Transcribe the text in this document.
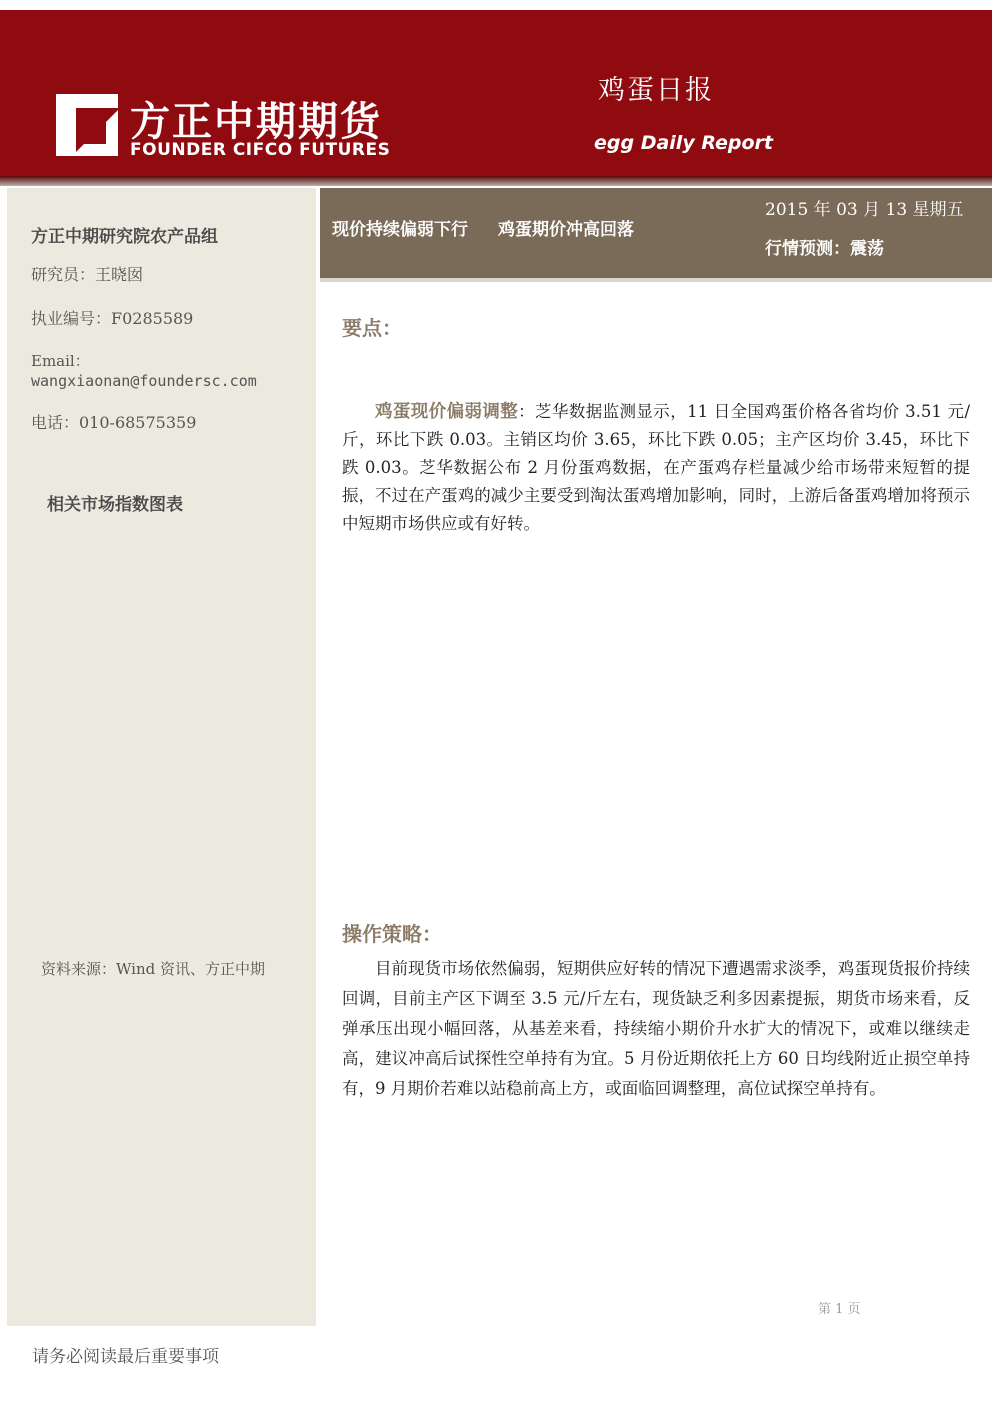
方正中期期货
FOUNDER CIFCO FUTURES
鸡蛋日报
egg Daily Report
方正中期研究院农产品组
研究员：王晓囡
执业编号：F0285589
Email：
wangxiaonan@foundersc.com
电话：010-68575359
相关市场指数图表
资料来源：Wind 资讯、方正中期
现价持续偏弱下行 鸡蛋期价冲高回落
2015 年 03 月 13 星期五
行情预测：震荡
要点：
鸡蛋现价偏弱调整：芝华数据监测显示，11 日全国鸡蛋价格各省均价 3.51 元/斤，环比下跌 0.03。主销区均价 3.65，环比下跌 0.05；主产区均价 3.45，环比下跌 0.03。芝华数据公布 2 月份蛋鸡数据，在产蛋鸡存栏量减少给市场带来短暂的提振，不过在产蛋鸡的减少主要受到淘汰蛋鸡增加影响，同时，上游后备蛋鸡增加将预示中短期市场供应或有好转。
操作策略：
目前现货市场依然偏弱，短期供应好转的情况下遭遇需求淡季，鸡蛋现货报价持续回调，目前主产区下调至 3.5 元/斤左右，现货缺乏利多因素提振，期货市场来看，反弹承压出现小幅回落，从基差来看，持续缩小期价升水扩大的情况下，或难以继续走高，建议冲高后试探性空单持有为宜。5 月份近期依托上方 60 日均线附近止损空单持有，9 月期价若难以站稳前高上方，或面临回调整理，高位试探空单持有。
第 1 页
请务必阅读最后重要事项
